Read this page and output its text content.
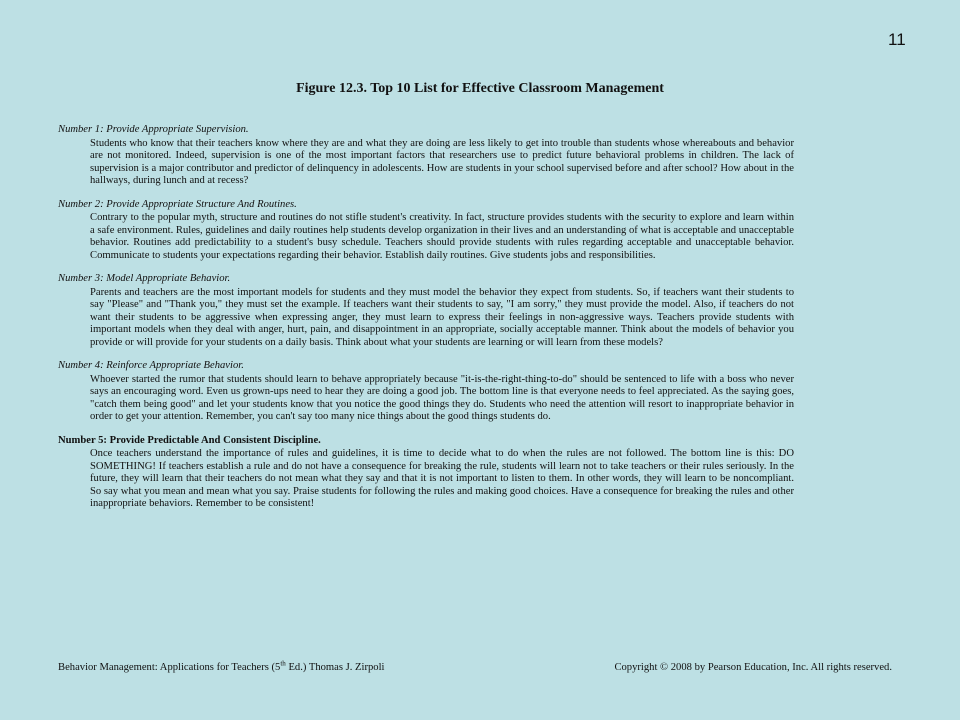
11
Figure 12.3. Top 10 List for Effective Classroom Management
Number 1: Provide Appropriate Supervision.
Students who know that their teachers know where they are and what they are doing are less likely to get into trouble than students whose whereabouts and behavior are not monitored. Indeed, supervision is one of the most important factors that researchers use to predict future behavioral problems in children. The lack of supervision is a major contributor and predictor of delinquency in adolescents. How are students in your school supervised before and after school? How about in the hallways, during lunch and at recess?
Number 2: Provide Appropriate Structure And Routines.
Contrary to the popular myth, structure and routines do not stifle student's creativity. In fact, structure provides students with the security to explore and learn within a safe environment. Rules, guidelines and daily routines help students develop organization in their lives and an understanding of what is acceptable and unacceptable behavior. Routines add predictability to a student's busy schedule. Teachers should provide students with rules regarding acceptable and unacceptable behavior. Communicate to students your expectations regarding their behavior. Establish daily routines. Give students jobs and responsibilities.
Number 3: Model Appropriate Behavior.
Parents and teachers are the most important models for students and they must model the behavior they expect from students. So, if teachers want their students to say "Please" and "Thank you," they must set the example. If teachers want their students to say, "I am sorry," they must provide the model. Also, if teachers do not want their students to be aggressive when expressing anger, they must learn to express their feelings in non-aggressive ways. Teachers provide students with important models when they deal with anger, hurt, pain, and disappointment in an appropriate, socially acceptable manner. Think about the models of behavior you provide or will provide for your students on a daily basis. Think about what your students are learning or will learn from these models?
Number 4: Reinforce Appropriate Behavior.
Whoever started the rumor that students should learn to behave appropriately because "it-is-the-right-thing-to-do" should be sentenced to life with a boss who never says an encouraging word. Even us grown-ups need to hear they are doing a good job. The bottom line is that everyone needs to feel appreciated. As the saying goes, "catch them being good" and let your students know that you notice the good things they do. Students who need the attention will resort to inappropriate behavior in order to get your attention. Remember, you can't say too many nice things about the good things students do.
Number 5: Provide Predictable And Consistent Discipline.
Once teachers understand the importance of rules and guidelines, it is time to decide what to do when the rules are not followed. The bottom line is this: DO SOMETHING! If teachers establish a rule and do not have a consequence for breaking the rule, students will learn not to take teachers or their rules seriously. In the future, they will learn that their teachers do not mean what they say and that it is not important to listen to them. In other words, they will learn to be noncompliant. So say what you mean and mean what you say. Praise students for following the rules and making good choices. Have a consequence for breaking the rules and other inappropriate behaviors. Remember to be consistent!
Behavior Management: Applications for Teachers (5th Ed.) Thomas J. Zirpoli	Copyright © 2008 by Pearson Education, Inc. All rights reserved.
